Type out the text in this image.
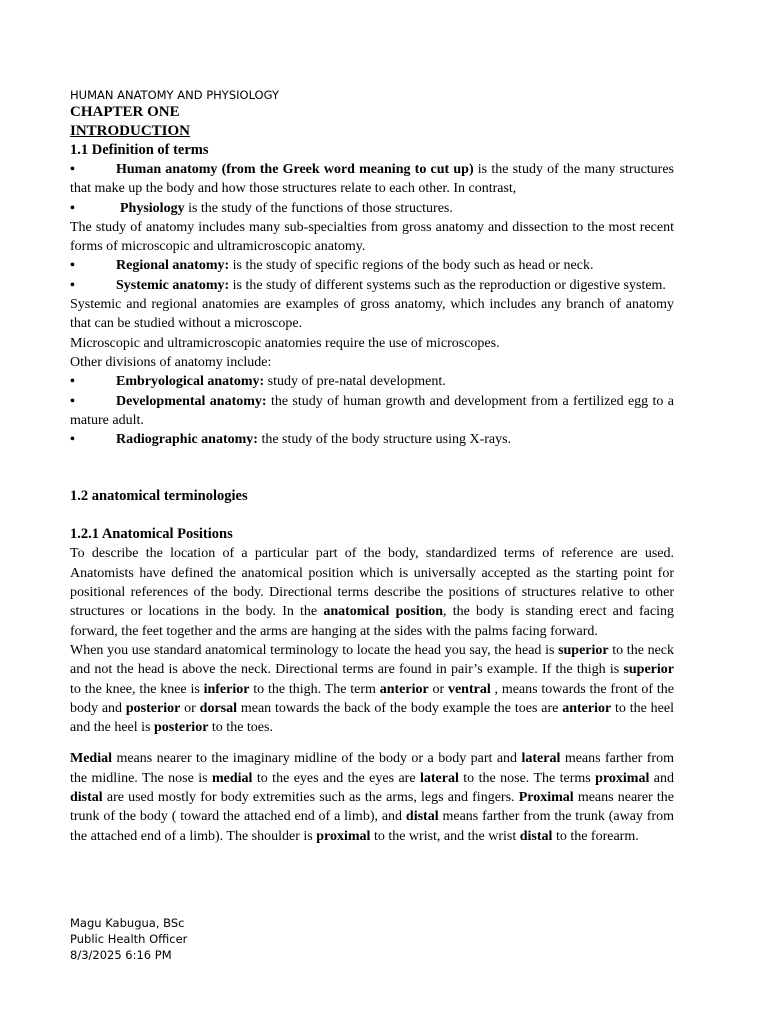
HUMAN ANATOMY AND PHYSIOLOGY

CHAPTER ONE

INTRODUCTION

1.1 Definition of terms

•	Human anatomy (from the Greek word meaning to cut up) is the study of the many structures that make up the body and how those structures relate to each other. In contrast,

•	Physiology is the study of the functions of those structures.

The study of anatomy includes many sub-specialties from gross anatomy and dissection to the most recent forms of microscopic and ultramicroscopic anatomy.

•	Regional anatomy: is the study of specific regions of the body such as head or neck.

•	Systemic anatomy: is the study of different systems such as the reproduction or digestive system.

Systemic and regional anatomies are examples of gross anatomy, which includes any branch of anatomy that can be studied without a microscope.

Microscopic and ultramicroscopic anatomies require the use of microscopes.

Other divisions of anatomy include:

•	Embryological anatomy: study of pre-natal development.

•	Developmental anatomy: the study of human growth and development from a fertilized egg to a mature adult.

•	Radiographic anatomy: the study of the body structure using X-rays.

1.2 anatomical terminologies

1.2.1 Anatomical Positions

To describe the location of a particular part of the body, standardized terms of reference are used. Anatomists have defined the anatomical position which is universally accepted as the starting point for positional references of the body. Directional terms describe the positions of structures relative to other structures or locations in the body. In the anatomical position, the body is standing erect and facing forward, the feet together and the arms are hanging at the sides with the palms facing forward.

When you use standard anatomical terminology to locate the head you say, the head is superior to the neck and not the head is above the neck. Directional terms are found in pair’s example. If the thigh is superior to the knee, the knee is inferior to the thigh. The term anterior or ventral , means towards the front of the body and posterior or dorsal mean towards the back of the body example the toes are anterior to the heel and the heel is posterior to the toes.

Medial means nearer to the imaginary midline of the body or a body part and lateral means farther from the midline. The nose is medial to the eyes and the eyes are lateral to the nose. The terms proximal and distal are used mostly for body extremities such as the arms, legs and fingers. Proximal means nearer the trunk of the body ( toward the attached end of a limb), and distal means farther from the trunk (away from the attached end of a limb). The shoulder is proximal to the wrist, and the wrist distal to the forearm.

Magu Kabugua, BSc
Public Health Officer
8/3/2025 6:16 PM
